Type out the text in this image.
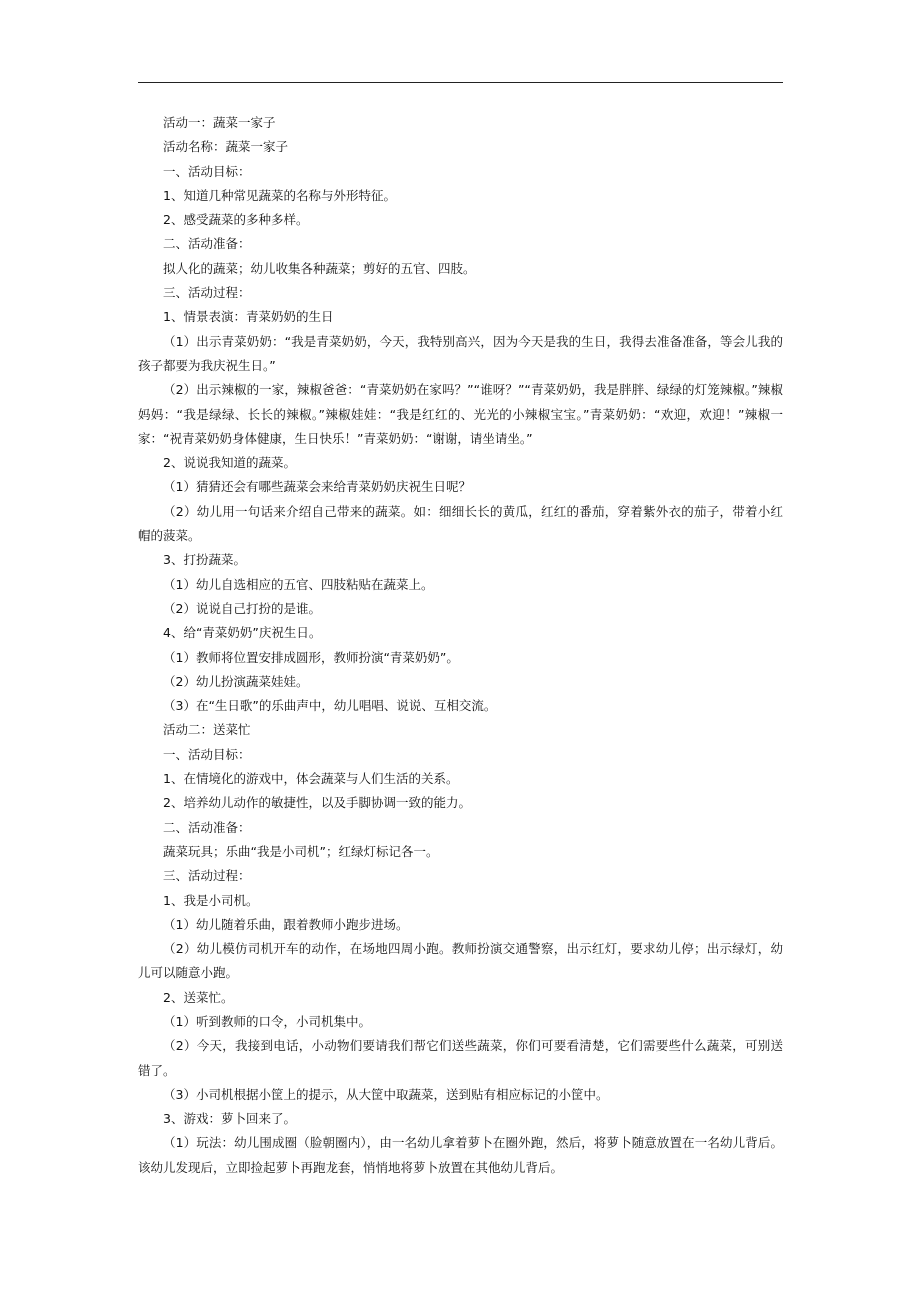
活动一：蔬菜一家子
活动名称：蔬菜一家子
一、活动目标：
1、知道几种常见蔬菜的名称与外形特征。
2、感受蔬菜的多种多样。
二、活动准备：
拟人化的蔬菜；幼儿收集各种蔬菜；剪好的五官、四肢。
三、活动过程：
1、情景表演：青菜奶奶的生日
（1）出示青菜奶奶：“我是青菜奶奶，今天，我特别高兴，因为今天是我的生日，我得去准备准备，等会儿我的孩子都要为我庆祝生日。”
（2）出示辣椒的一家，辣椒爸爸：“青菜奶奶在家吗？”“谁呀？”“青菜奶奶，我是胖胖、绿绿的灯笼辣椒。”辣椒妈妈：“我是绿绿、长长的辣椒。”辣椒娃娃：“我是红红的、光光的小辣椒宝宝。”青菜奶奶：“欢迎，欢迎！”辣椒一家：“祝青菜奶奶身体健康，生日快乐！”青菜奶奶：“谢谢，请坐请坐。”
2、说说我知道的蔬菜。
（1）猜猜还会有哪些蔬菜会来给青菜奶奶庆祝生日呢？
（2）幼儿用一句话来介绍自己带来的蔬菜。如：细细长长的黄瓜，红红的番茄，穿着紫外衣的茄子，带着小红帽的菠菜。
3、打扮蔬菜。
（1）幼儿自选相应的五官、四肢粘贴在蔬菜上。
（2）说说自己打扮的是谁。
4、给“青菜奶奶”庆祝生日。
（1）教师将位置安排成圆形，教师扮演“青菜奶奶”。
（2）幼儿扮演蔬菜娃娃。
（3）在“生日歌”的乐曲声中，幼儿唱唱、说说、互相交流。
活动二：送菜忙
一、活动目标：
1、在情境化的游戏中，体会蔬菜与人们生活的关系。
2、培养幼儿动作的敏捷性，以及手脚协调一致的能力。
二、活动准备：
蔬菜玩具；乐曲“我是小司机”；红绿灯标记各一。
三、活动过程：
1、我是小司机。
（1）幼儿随着乐曲，跟着教师小跑步进场。
（2）幼儿模仿司机开车的动作，在场地四周小跑。教师扮演交通警察，出示红灯，要求幼儿停；出示绿灯，幼儿可以随意小跑。
2、送菜忙。
（1）听到教师的口令，小司机集中。
（2）今天，我接到电话，小动物们要请我们帮它们送些蔬菜，你们可要看清楚，它们需要些什么蔬菜，可别送错了。
（3）小司机根据小筐上的提示，从大筐中取蔬菜，送到贴有相应标记的小筐中。
3、游戏：萝卜回来了。
（1）玩法：幼儿围成圈（脸朝圈内），由一名幼儿拿着萝卜在圈外跑，然后，将萝卜随意放置在一名幼儿背后。该幼儿发现后，立即捡起萝卜再跑龙套，悄悄地将萝卜放置在其他幼儿背后。
